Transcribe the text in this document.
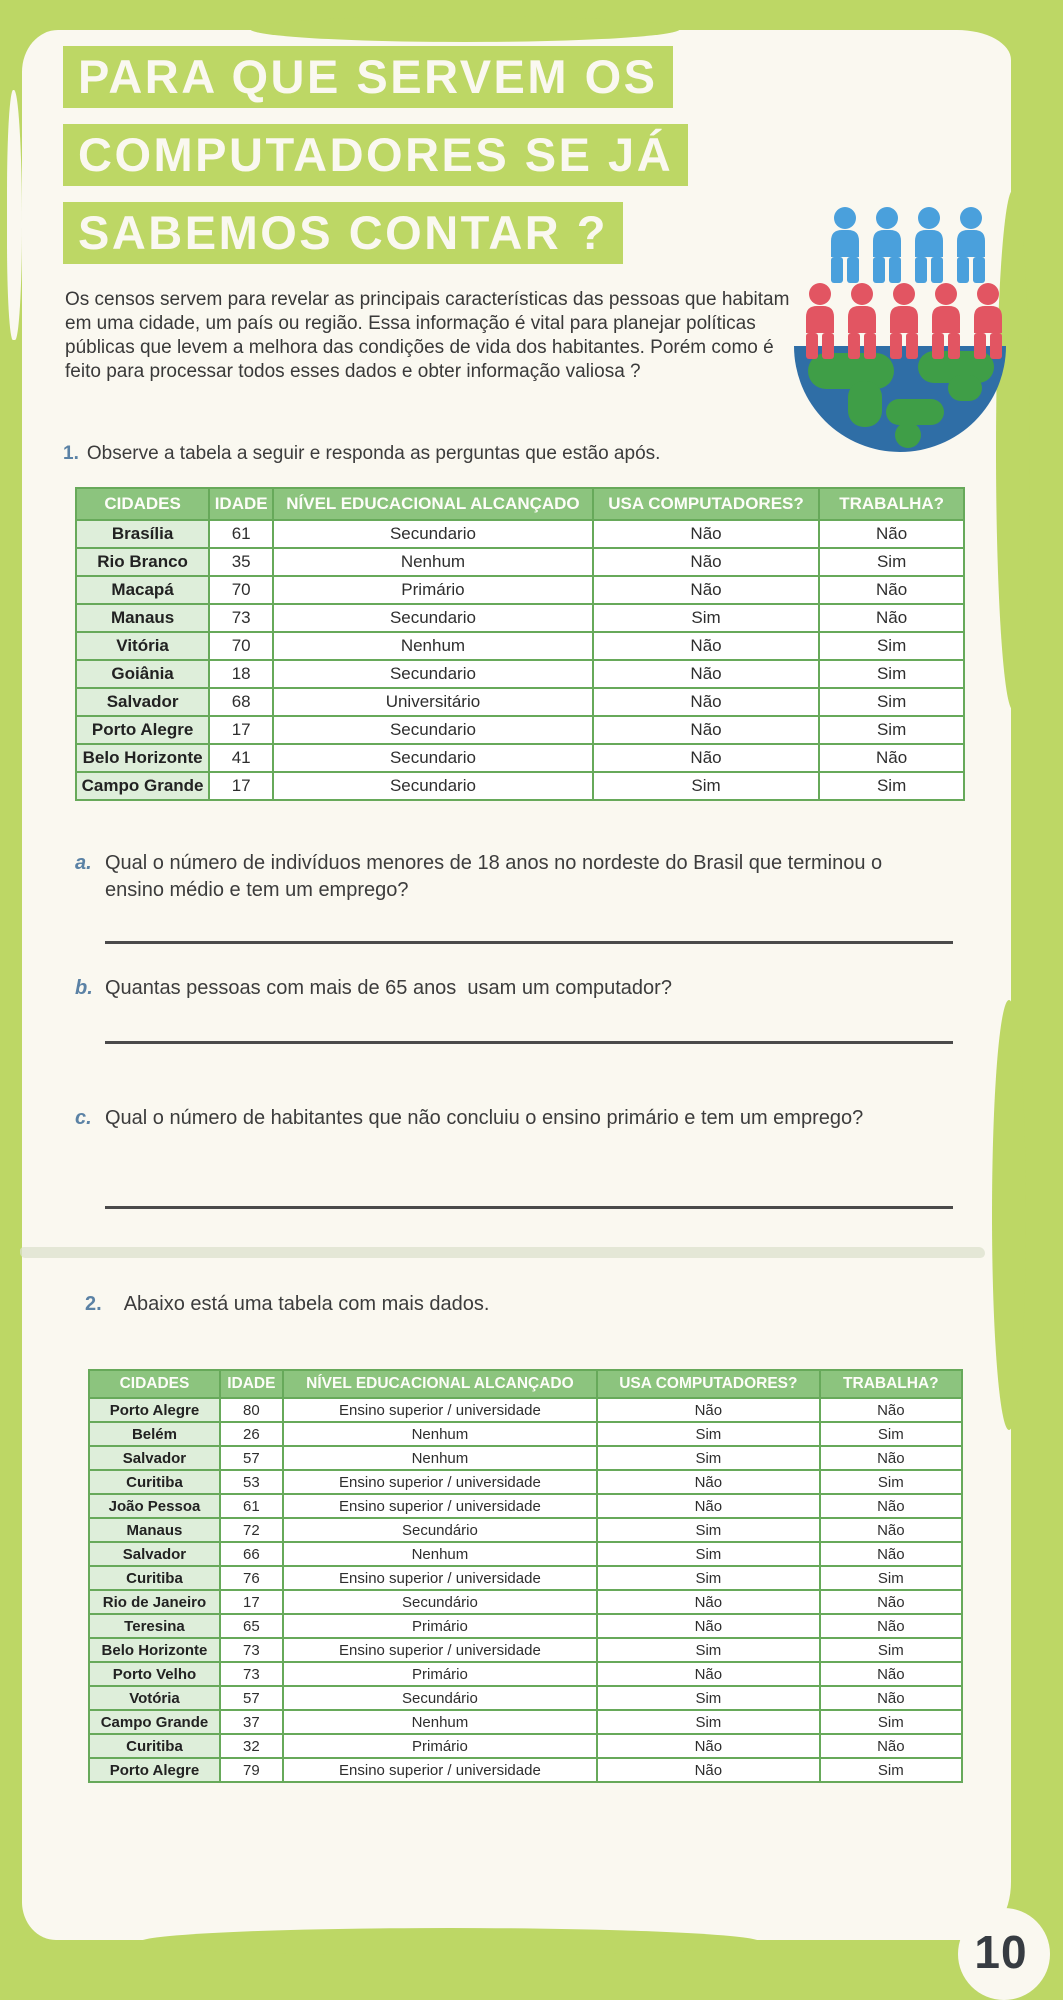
PARA QUE SERVEM OS
COMPUTADORES SE JÁ
SABEMOS CONTAR ?

Os censos servem para revelar as principais características das pessoas que habitam em uma cidade, um país ou região. Essa informação é vital para planejar políticas públicas que levem a melhora das condições de vida dos habitantes. Porém como é feito para processar todos esses dados e obter informação valiosa ?

1. Observe a tabela a seguir e responda as perguntas que estão após.
CIDADES	IDADE	NÍVEL EDUCACIONAL ALCANÇADO	USA COMPUTADORES?	TRABALHA?
Brasília	61	Secundario	Não	Não
Rio Branco	35	Nenhum	Não	Sim
Macapá	70	Primário	Não	Não
Manaus	73	Secundario	Sim	Não
Vitória	70	Nenhum	Não	Sim
Goiânia	18	Secundario	Não	Sim
Salvador	68	Universitário	Não	Sim
Porto Alegre	17	Secundario	Não	Sim
Belo Horizonte	41	Secundario	Não	Não
Campo Grande	17	Secundario	Sim	Sim
a. Qual o número de indivíduos menores de 18 anos no nordeste do Brasil que terminou o ensino médio e tem um emprego?
b. Quantas pessoas com mais de 65 anos  usam um computador?
c. Qual o número de habitantes que não concluiu o ensino primário e tem um emprego?
2. Abaixo está uma tabela com mais dados.
CIDADES	IDADE	NÍVEL EDUCACIONAL ALCANÇADO	USA COMPUTADORES?	TRABALHA?
Porto Alegre	80	Ensino superior / universidade	Não	Não
Belém	26	Nenhum	Sim	Sim
Salvador	57	Nenhum	Sim	Não
Curitiba	53	Ensino superior / universidade	Não	Sim
João Pessoa	61	Ensino superior / universidade	Não	Não
Manaus	72	Secundário	Sim	Não
Salvador	66	Nenhum	Sim	Não
Curitiba	76	Ensino superior / universidade	Sim	Sim
Rio de Janeiro	17	Secundário	Não	Não
Teresina	65	Primário	Não	Não
Belo Horizonte	73	Ensino superior / universidade	Sim	Sim
Porto Velho	73	Primário	Não	Não
Votória	57	Secundário	Sim	Não
Campo Grande	37	Nenhum	Sim	Sim
Curitiba	32	Primário	Não	Não
Porto Alegre	79	Ensino superior / universidade	Não	Sim
10
